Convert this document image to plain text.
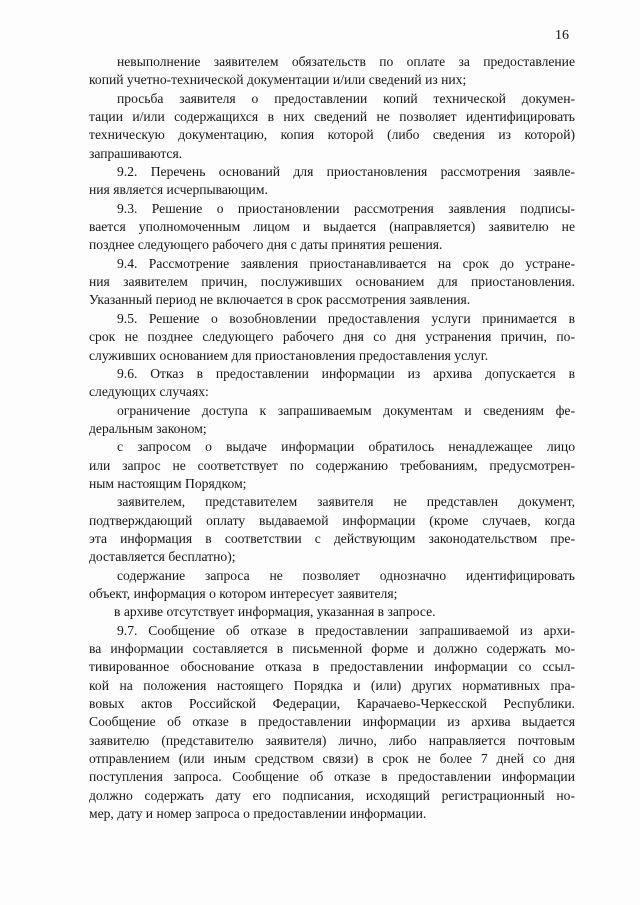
16
невыполнение заявителем обязательств по оплате за предоставление
копий учетно-технической документации и/или сведений из них;
просьба заявителя о предоставлении копий технической докумен-
тации и/или содержащихся в них сведений не позволяет идентифицировать
техническую документацию, копия которой (либо сведения из которой)
запрашиваются.
9.2. Перечень оснований для приостановления рассмотрения заявле-
ния является исчерпывающим.
9.3. Решение о приостановлении рассмотрения заявления подписы-
вается уполномоченным лицом и выдается (направляется) заявителю не
позднее следующего рабочего дня с даты принятия решения.
9.4. Рассмотрение заявления приостанавливается на срок до устране-
ния заявителем причин, послуживших основанием для приостановления.
Указанный период не включается в срок рассмотрения заявления.
9.5. Решение о возобновлении предоставления услуги принимается в
срок не позднее следующего рабочего дня со дня устранения причин, по-
служивших основанием для приостановления предоставления услуг.
9.6. Отказ в предоставлении информации из архива допускается в
следующих случаях:
ограничение доступа к запрашиваемым документам и сведениям фе-
деральным законом;
с запросом о выдаче информации обратилось ненадлежащее лицо
или запрос не соответствует по содержанию требованиям, предусмотрен-
ным настоящим Порядком;
заявителем, представителем заявителя не представлен документ,
подтверждающий оплату выдаваемой информации (кроме случаев, когда
эта информация в соответствии с действующим законодательством пре-
доставляется бесплатно);
содержание запроса не позволяет однозначно идентифицировать
объект, информация о котором интересует заявителя;
в архиве отсутствует информация, указанная в запросе.
9.7. Сообщение об отказе в предоставлении запрашиваемой из архи-
ва информации составляется в письменной форме и должно содержать мо-
тивированное обоснование отказа в предоставлении информации со ссыл-
кой на положения настоящего Порядка и (или) других нормативных пра-
вовых актов Российской Федерации, Карачаево-Черкесской Республики.
Сообщение об отказе в предоставлении информации из архива выдается
заявителю (представителю заявителя) лично, либо направляется почтовым
отправлением (или иным средством связи) в срок не более 7 дней со дня
поступления запроса. Сообщение об отказе в предоставлении информации
должно содержать дату его подписания, исходящий регистрационный но-
мер, дату и номер запроса о предоставлении информации.
